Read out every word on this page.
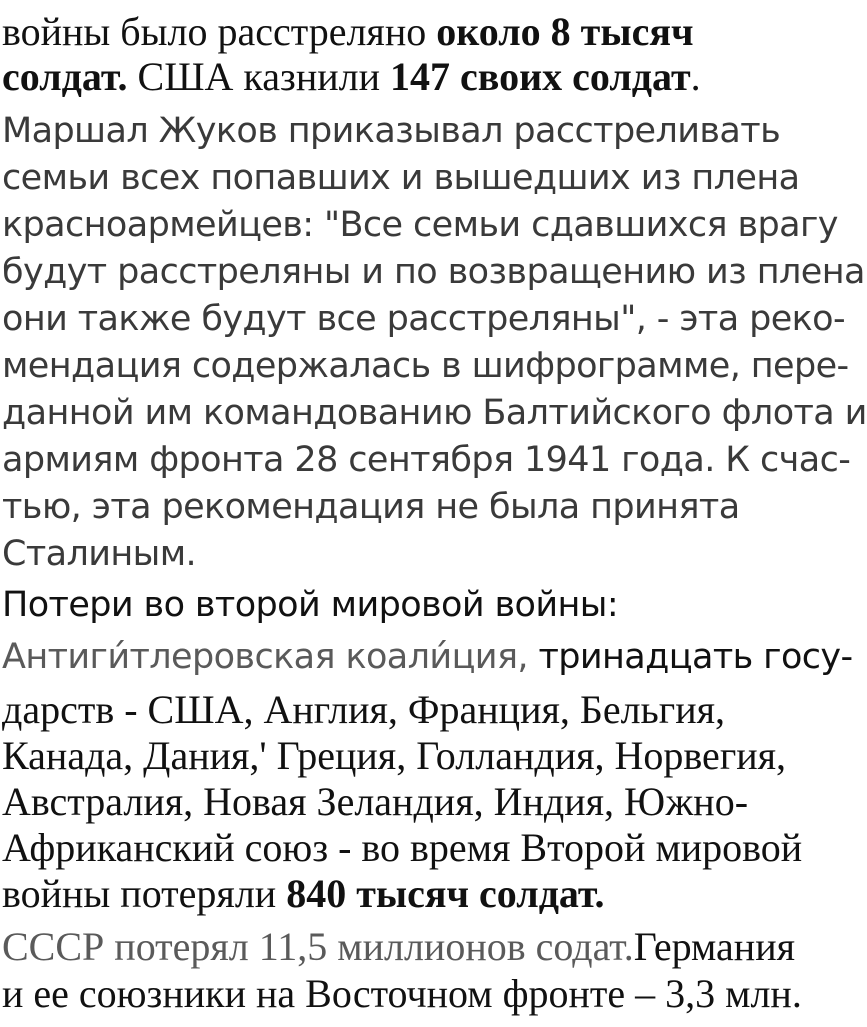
войны было расстреляно около 8 тысяч
солдат. США казнили 147 своих солдат.
Маршал Жуков приказывал расстреливать
семьи всех попавших и вышедших из плена
красноармейцев: "Все семьи сдавшихся врагу
будут расстреляны и по возвращению из плена
они также будут все расстреляны", - эта реко-
мендация содержалась в шифрограмме, пере-
данной им командованию Балтийского флота и
армиям фронта 28 сентября 1941 года. К счас-
тью, эта рекомендация не была принята
Сталиным.
Потери во второй мировой войны:
Антиги́тлеровская коали́ция, тринадцать госу-
дарств - США, Англия, Франция, Бельгия,
Канада, Дания,' Греция, Голландия, Норвегия,
Австралия, Новая Зеландия, Индия, Южно-
Африканский союз - во время Второй мировой
войны потеряли 840 тысяч солдат.
СССР потерял 11,5 миллионов содат.Германия
и ее союзники на Восточном фронте – 3,3 млн.
